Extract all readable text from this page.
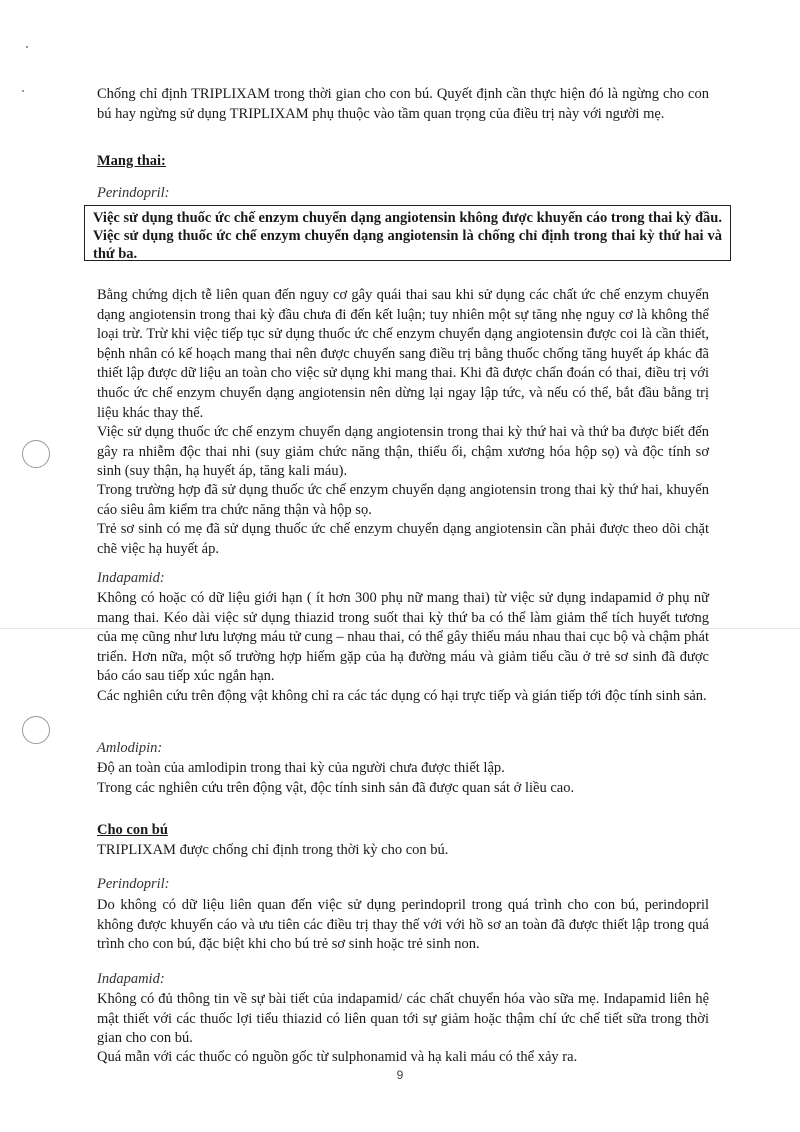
Chống chỉ định TRIPLIXAM trong thời gian cho con bú. Quyết định cần thực hiện đó là ngừng cho con bú hay ngừng sử dụng TRIPLIXAM phụ thuộc vào tầm quan trọng của điều trị này với người mẹ.

Mang thai:

Perindopril:

Việc sử dụng thuốc ức chế enzym chuyển dạng angiotensin không được khuyến cáo trong thai kỳ đầu. Việc sử dụng thuốc ức chế enzym chuyển dạng angiotensin là chống chỉ định trong thai kỳ thứ hai và thứ ba.

Bằng chứng dịch tễ liên quan đến nguy cơ gây quái thai sau khi sử dụng các chất ức chế enzym chuyển dạng angiotensin trong thai kỳ đầu chưa đi đến kết luận; tuy nhiên một sự tăng nhẹ nguy cơ là không thể loại trừ. Trừ khi việc tiếp tục sử dụng thuốc ức chế enzym chuyển dạng angiotensin được coi là cần thiết, bệnh nhân có kế hoạch mang thai nên được chuyển sang điều trị bằng thuốc chống tăng huyết áp khác đã thiết lập được dữ liệu an toàn cho việc sử dụng khi mang thai. Khi đã được chẩn đoán có thai, điều trị với thuốc ức chế enzym chuyển dạng angiotensin nên dừng lại ngay lập tức, và nếu có thể, bắt đầu bằng trị liệu khác thay thế.

Việc sử dụng thuốc ức chế enzym chuyển dạng angiotensin trong thai kỳ thứ hai và thứ ba được biết đến gây ra nhiễm độc thai nhi (suy giảm chức năng thận, thiểu ối, chậm xương hóa hộp sọ) và độc tính sơ sinh (suy thận, hạ huyết áp, tăng kali máu).

Trong trường hợp đã sử dụng thuốc ức chế enzym chuyển dạng angiotensin trong thai kỳ thứ hai, khuyến cáo siêu âm kiểm tra chức năng thận và hộp sọ.

Trẻ sơ sinh có mẹ đã sử dụng thuốc ức chế enzym chuyển dạng angiotensin cần phải được theo dõi chặt chẽ việc hạ huyết áp.

Indapamid:

Không có hoặc có dữ liệu giới hạn ( ít hơn 300 phụ nữ mang thai) từ việc sử dụng indapamid ở phụ nữ mang thai. Kéo dài việc sử dụng thiazid trong suốt thai kỳ thứ ba có thể làm giảm thể tích huyết tương của mẹ cũng như lưu lượng máu tử cung – nhau thai, có thể gây thiếu máu nhau thai cục bộ và chậm phát triển. Hơn nữa, một số trường hợp hiếm gặp của hạ đường máu và giảm tiểu cầu ở trẻ sơ sinh đã được báo cáo sau tiếp xúc ngắn hạn.

Các nghiên cứu trên động vật không chỉ ra các tác dụng có hại trực tiếp và gián tiếp tới độc tính sinh sản.

Amlodipin:

Độ an toàn của amlodipin trong thai kỳ của người chưa được thiết lập.

Trong các nghiên cứu trên động vật, độc tính sinh sản đã được quan sát ở liều cao.

Cho con bú

TRIPLIXAM được chống chỉ định trong thời kỳ cho con bú.

Perindopril:

Do không có dữ liệu liên quan đến việc sử dụng perindopril trong quá trình cho con bú, perindopril không được khuyến cáo và ưu tiên các điều trị thay thế với với hồ sơ an toàn đã được thiết lập trong quá trình cho con bú, đặc biệt khi cho bú trẻ sơ sinh hoặc trẻ sinh non.

Indapamid:

Không có đủ thông tin về sự bài tiết của indapamid/ các chất chuyển hóa vào sữa mẹ. Indapamid liên hệ mật thiết với các thuốc lợi tiểu thiazid có liên quan tới sự giảm hoặc thậm chí ức chế tiết sữa trong thời gian cho con bú.

Quá mẫn với các thuốc có nguồn gốc từ sulphonamid và hạ kali máu có thể xảy ra.

9
